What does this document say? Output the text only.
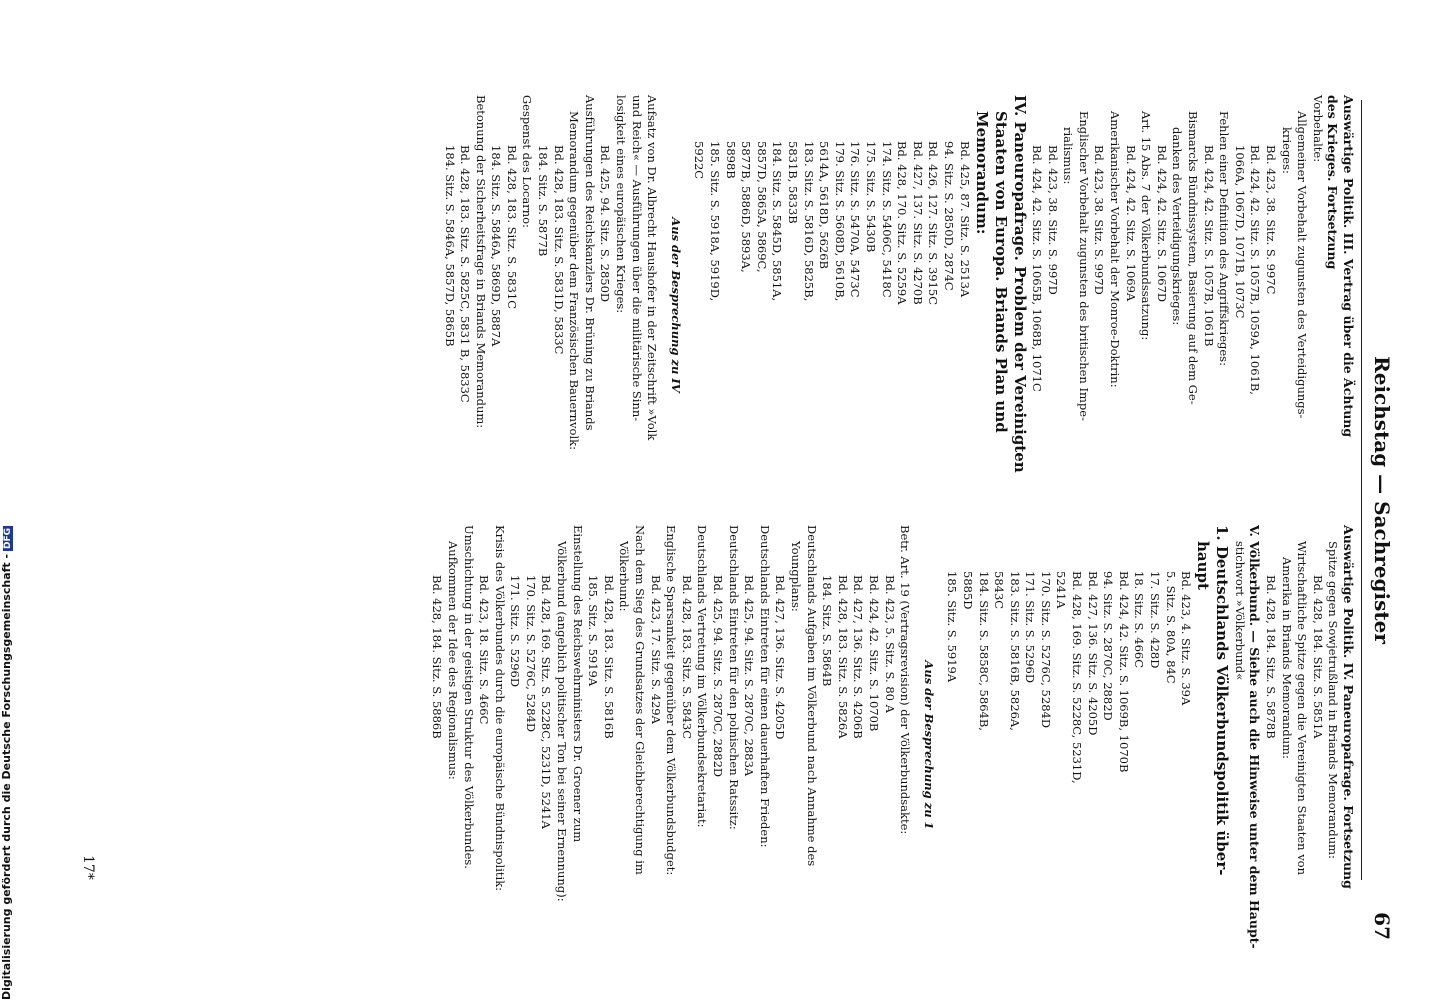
Reichstag — Sachregister
67
Auswärtige Politik. III. Vertrag über die Ächtung
des Krieges. Fortsetzung
Vorbehalte:
Allgemeiner Vorbehalt zugunsten des Verteidigungs-
krieges:
Bd. 423, 38. Sitz. S. 997C
Bd. 424, 42. Sitz. S. 1057B, 1059A, 1061B,
1066A, 1067D, 1071B, 1073C
Fehlen einer Definition des Angriffskrieges:
Bd. 424, 42. Sitz. S. 1057B, 1061B
Bismarcks Bündnissystem, Basierung auf dem Ge-
danken des Verteidigungskrieges:
Bd. 424, 42. Sitz. S. 1067D
Art. 15 Abs. 7 der Völkerbundssatzung:
Bd. 424, 42. Sitz. S. 1069A
Amerikanischer Vorbehalt der Monroe-Doktrin:
Bd. 423, 38. Sitz. S. 997D
Englischer Vorbehalt zugunsten des britischen Impe-
rialismus:
Bd. 423, 38. Sitz. S. 997D
Bd. 424, 42. Sitz. S. 1065B, 1068B, 1071C
IV. Paneuropafrage. Problem der Vereinigten
Staaten von Europa. Briands Plan und
Memorandum:
Bd. 425, 87. Sitz. S. 2513A
94. Sitz. S. 2850D, 2874C
Bd. 426, 127. Sitz. S. 3915C
Bd. 427, 137. Sitz. S. 4270B
Bd. 428, 170. Sitz. S. 5259A
174. Sitz. S. 5406C, 5418C
175. Sitz. S. 5430B
176. Sitz. S. 5470A, 5473C
179. Sitz. S. 5608D, 5610B,
5614A, 5618D, 5626B
183. Sitz. S. 5816D, 5825B,
5831B, 5833B
184. Sitz. S. 5845D, 5851A,
5857D, 5865A, 5869C,
5877B, 5886D, 5893A,
5898B
185. Sitz. S. 5918A, 5919D,
5922C
Aus der Besprechung zu IV
Aufsatz von Dr. Albrecht Haushofer in der Zeitschrift »Volk
und Reich« — Ausführungen über die militärische Sinn-
losigkeit eines europäischen Krieges:
Bd. 425, 94. Sitz. S. 2850D
Ausführungen des Reichskanzlers Dr. Brüning zu Briands
Memorandum gegenüber dem Französischen Bauernvolk:
Bd. 428, 183. Sitz. S. 5831D, 5833C
184. Sitz. S. 5877B
Gespenst des Locarno:
Bd. 428, 183. Sitz. S. 5831C
184. Sitz. S. 5846A, 5869D, 5887A
Betonung der Sicherheitsfrage in Briands Memorandum:
Bd. 428, 183. Sitz. S. 5825C, 5831 B, 5833C
184. Sitz. S. 5846A, 5857D, 5865B
Auswärtige Politik. IV. Paneuropafrage. Fortsetzung
Spitze gegen Sowjetrußland in Briands Memorandum:
Bd. 428, 184. Sitz. S. 5851A
Wirtschaftliche Spitze gegen die Vereinigten Staaten von
Amerika in Briands Memorandum:
Bd. 428, 184. Sitz. S. 5878B
V. Völkerbund. — Siehe auch die Hinweise unter dem Haupt-
stichwort »Völkerbund«
1. Deutschlands Völkerbundspolitik über-
haupt
Bd. 423, 4. Sitz. S. 39A
5. Sitz. S. 80A, 84C
17. Sitz. S. 428D
18. Sitz. S. 466C
Bd. 424, 42. Sitz. S. 1069B, 1070B
94. Sitz. S. 2870C, 2882D
Bd. 427, 136. Sitz. S. 4205D
Bd. 428, 169. Sitz. S. 5228C, 5231D,
5241A
170. Sitz. S. 5276C, 5284D
171. Sitz. S. 5296D
183. Sitz. S. 5816B, 5826A,
5843C
184. Sitz. S. 5858C, 5864B,
5885D
185. Sitz. S. 5919A
Aus der Besprechung zu 1
Betr. Art. 19 (Vertragsrevision) der Völkerbundsakte:
Bd. 423, 5. Sitz. S. 80 A
Bd. 424, 42. Sitz. S. 1070B
Bd. 427, 136. Sitz. S. 4206B
Bd. 428, 183. Sitz. S. 5826A
184. Sitz. S. 5864B
Deutschlands Aufgaben im Völkerbund nach Annahme des
Youngplans:
Bd. 427, 136. Sitz. S. 4205D
Deutschlands Eintreten für einen dauerhaften Frieden:
Bd. 425, 94. Sitz. S. 2870C, 2883A
Deutschlands Eintreten für den polnischen Ratssitz:
Bd. 425, 94. Sitz. S. 2870C, 2882D
Deutschlands Vertretung im Völkerbundsekretariat:
Bd. 428, 183. Sitz. S. 5843C
Englische Sparsamkeit gegenüber dem Völkerbundsbudget:
Bd. 423, 17. Sitz. S. 429A
Nach dem Sieg des Grundsatzes der Gleichberechtigung im
Völkerbund:
Bd. 428, 183. Sitz. S. 5816B
185. Sitz. S. 5919A
Einstellung des Reichswehrministers Dr. Groener zum
Völkerbund (angeblich politischer Ton bei seiner Ernennung):
Bd. 428, 169. Sitz. S. 5228C, 5231D, 5241A
170. Sitz. S. 5276C, 5284D
171. Sitz. S. 5296D
Krisis des Völkerbundes durch die europäische Bündnispolitik:
Bd. 423, 18. Sitz. S. 466C
Umschichtung in der geistigen Struktur des Völkerbundes.
Aufkommen der Idee des Regionalismus:
Bd. 428, 184. Sitz. S. 5886B
17*
Digitalisierung gefördert durch die Deutsche Forschungsgemeinschaft -DFG
